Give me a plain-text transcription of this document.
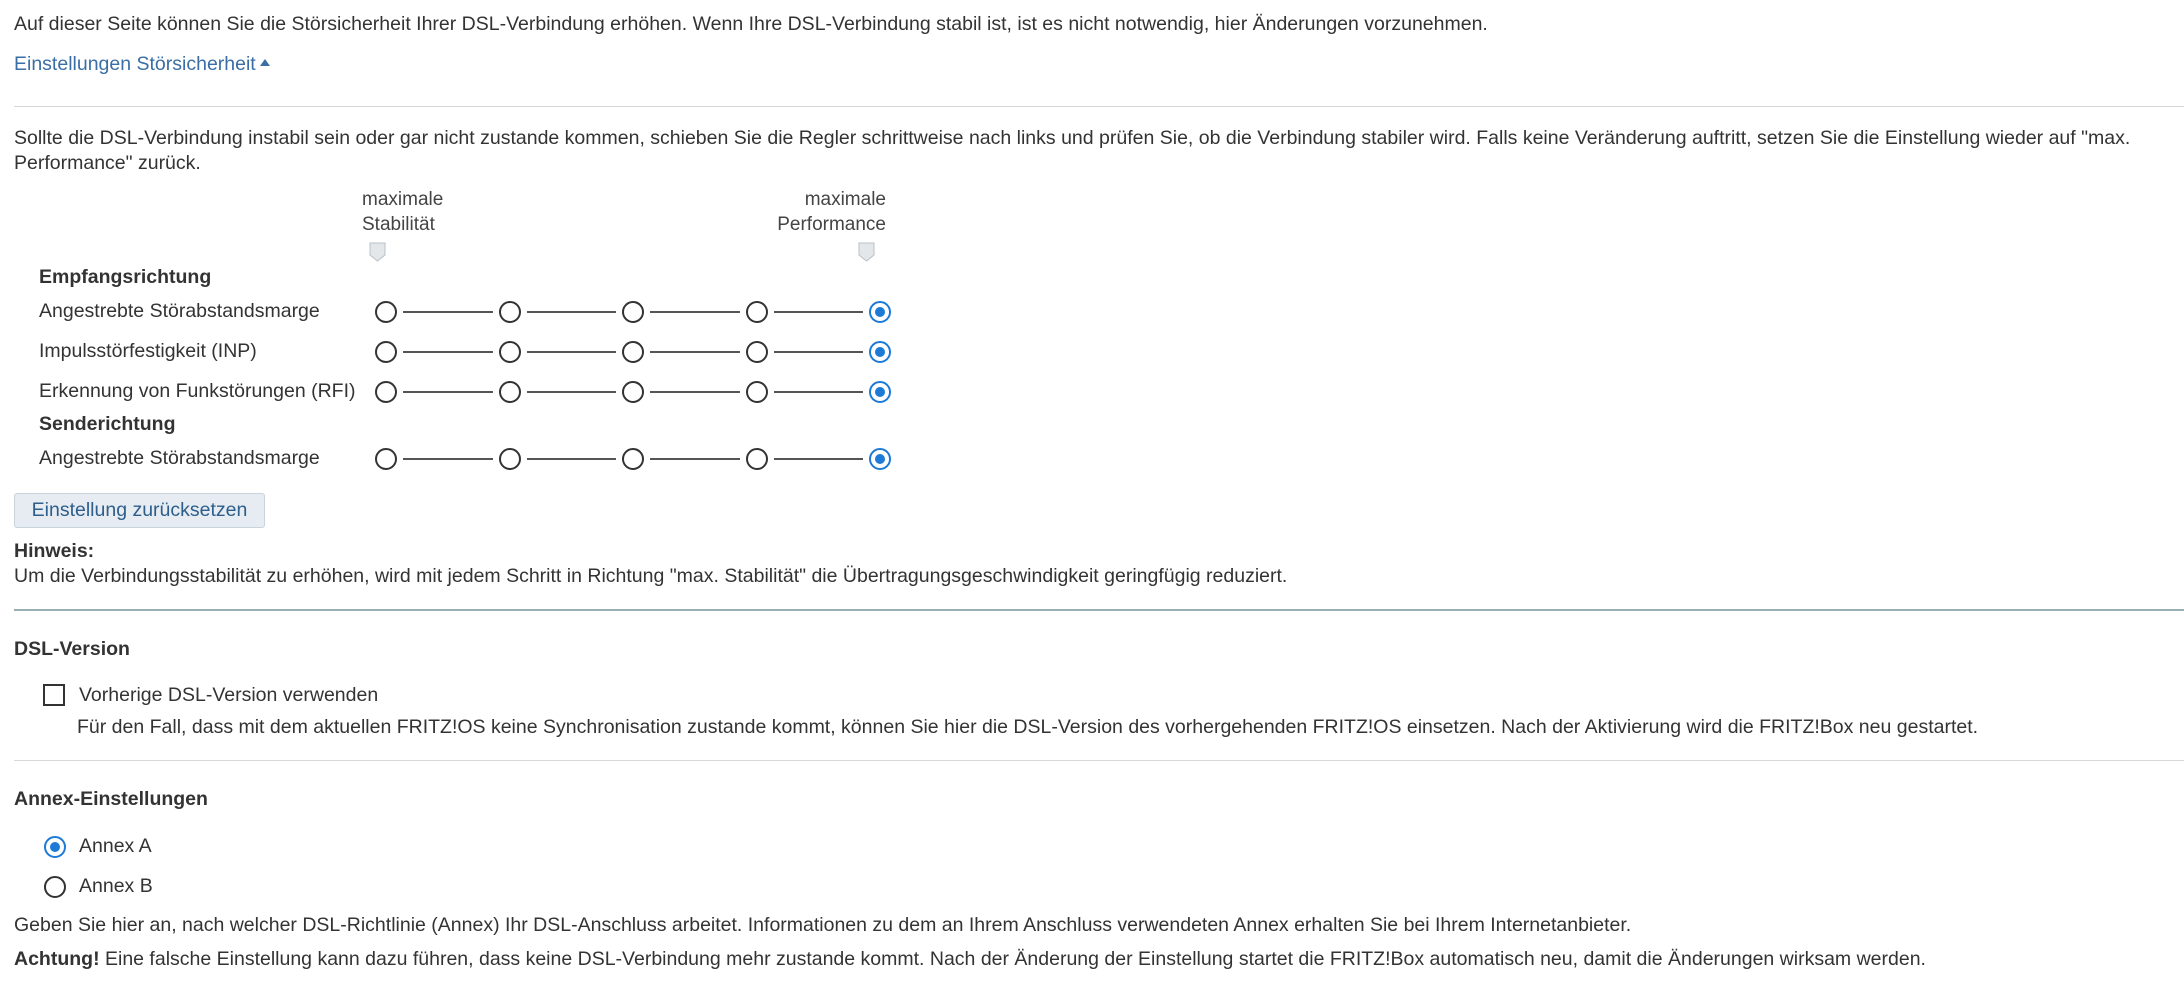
Auf dieser Seite können Sie die Störsicherheit Ihrer DSL-Verbindung erhöhen. Wenn Ihre DSL-Verbindung stabil ist, ist es nicht notwendig, hier Änderungen vorzunehmen.
Einstellungen Störsicherheit
Sollte die DSL-Verbindung instabil sein oder gar nicht zustande kommen, schieben Sie die Regler schrittweise nach links und prüfen Sie, ob die Verbindung stabiler wird. Falls keine Veränderung auftritt, setzen Sie die Einstellung wieder auf "max. Performance" zurück.
maximale
Stabilität
maximale
Performance
Empfangsrichtung
Angestrebte Störabstandsmarge
Impulsstörfestigkeit (INP)
Erkennung von Funkstörungen (RFI)
Senderichtung
Angestrebte Störabstandsmarge
Einstellung zurücksetzen
Hinweis:
Um die Verbindungsstabilität zu erhöhen, wird mit jedem Schritt in Richtung "max. Stabilität" die Übertragungsgeschwindigkeit geringfügig reduziert.
DSL-Version
Vorherige DSL-Version verwenden
Für den Fall, dass mit dem aktuellen FRITZ!OS keine Synchronisation zustande kommt, können Sie hier die DSL-Version des vorhergehenden FRITZ!OS einsetzen. Nach der Aktivierung wird die FRITZ!Box neu gestartet.
Annex-Einstellungen
Annex A
Annex B
Geben Sie hier an, nach welcher DSL-Richtlinie (Annex) Ihr DSL-Anschluss arbeitet. Informationen zu dem an Ihrem Anschluss verwendeten Annex erhalten Sie bei Ihrem Internetanbieter.
Achtung! Eine falsche Einstellung kann dazu führen, dass keine DSL-Verbindung mehr zustande kommt. Nach der Änderung der Einstellung startet die FRITZ!Box automatisch neu, damit die Änderungen wirksam werden.
